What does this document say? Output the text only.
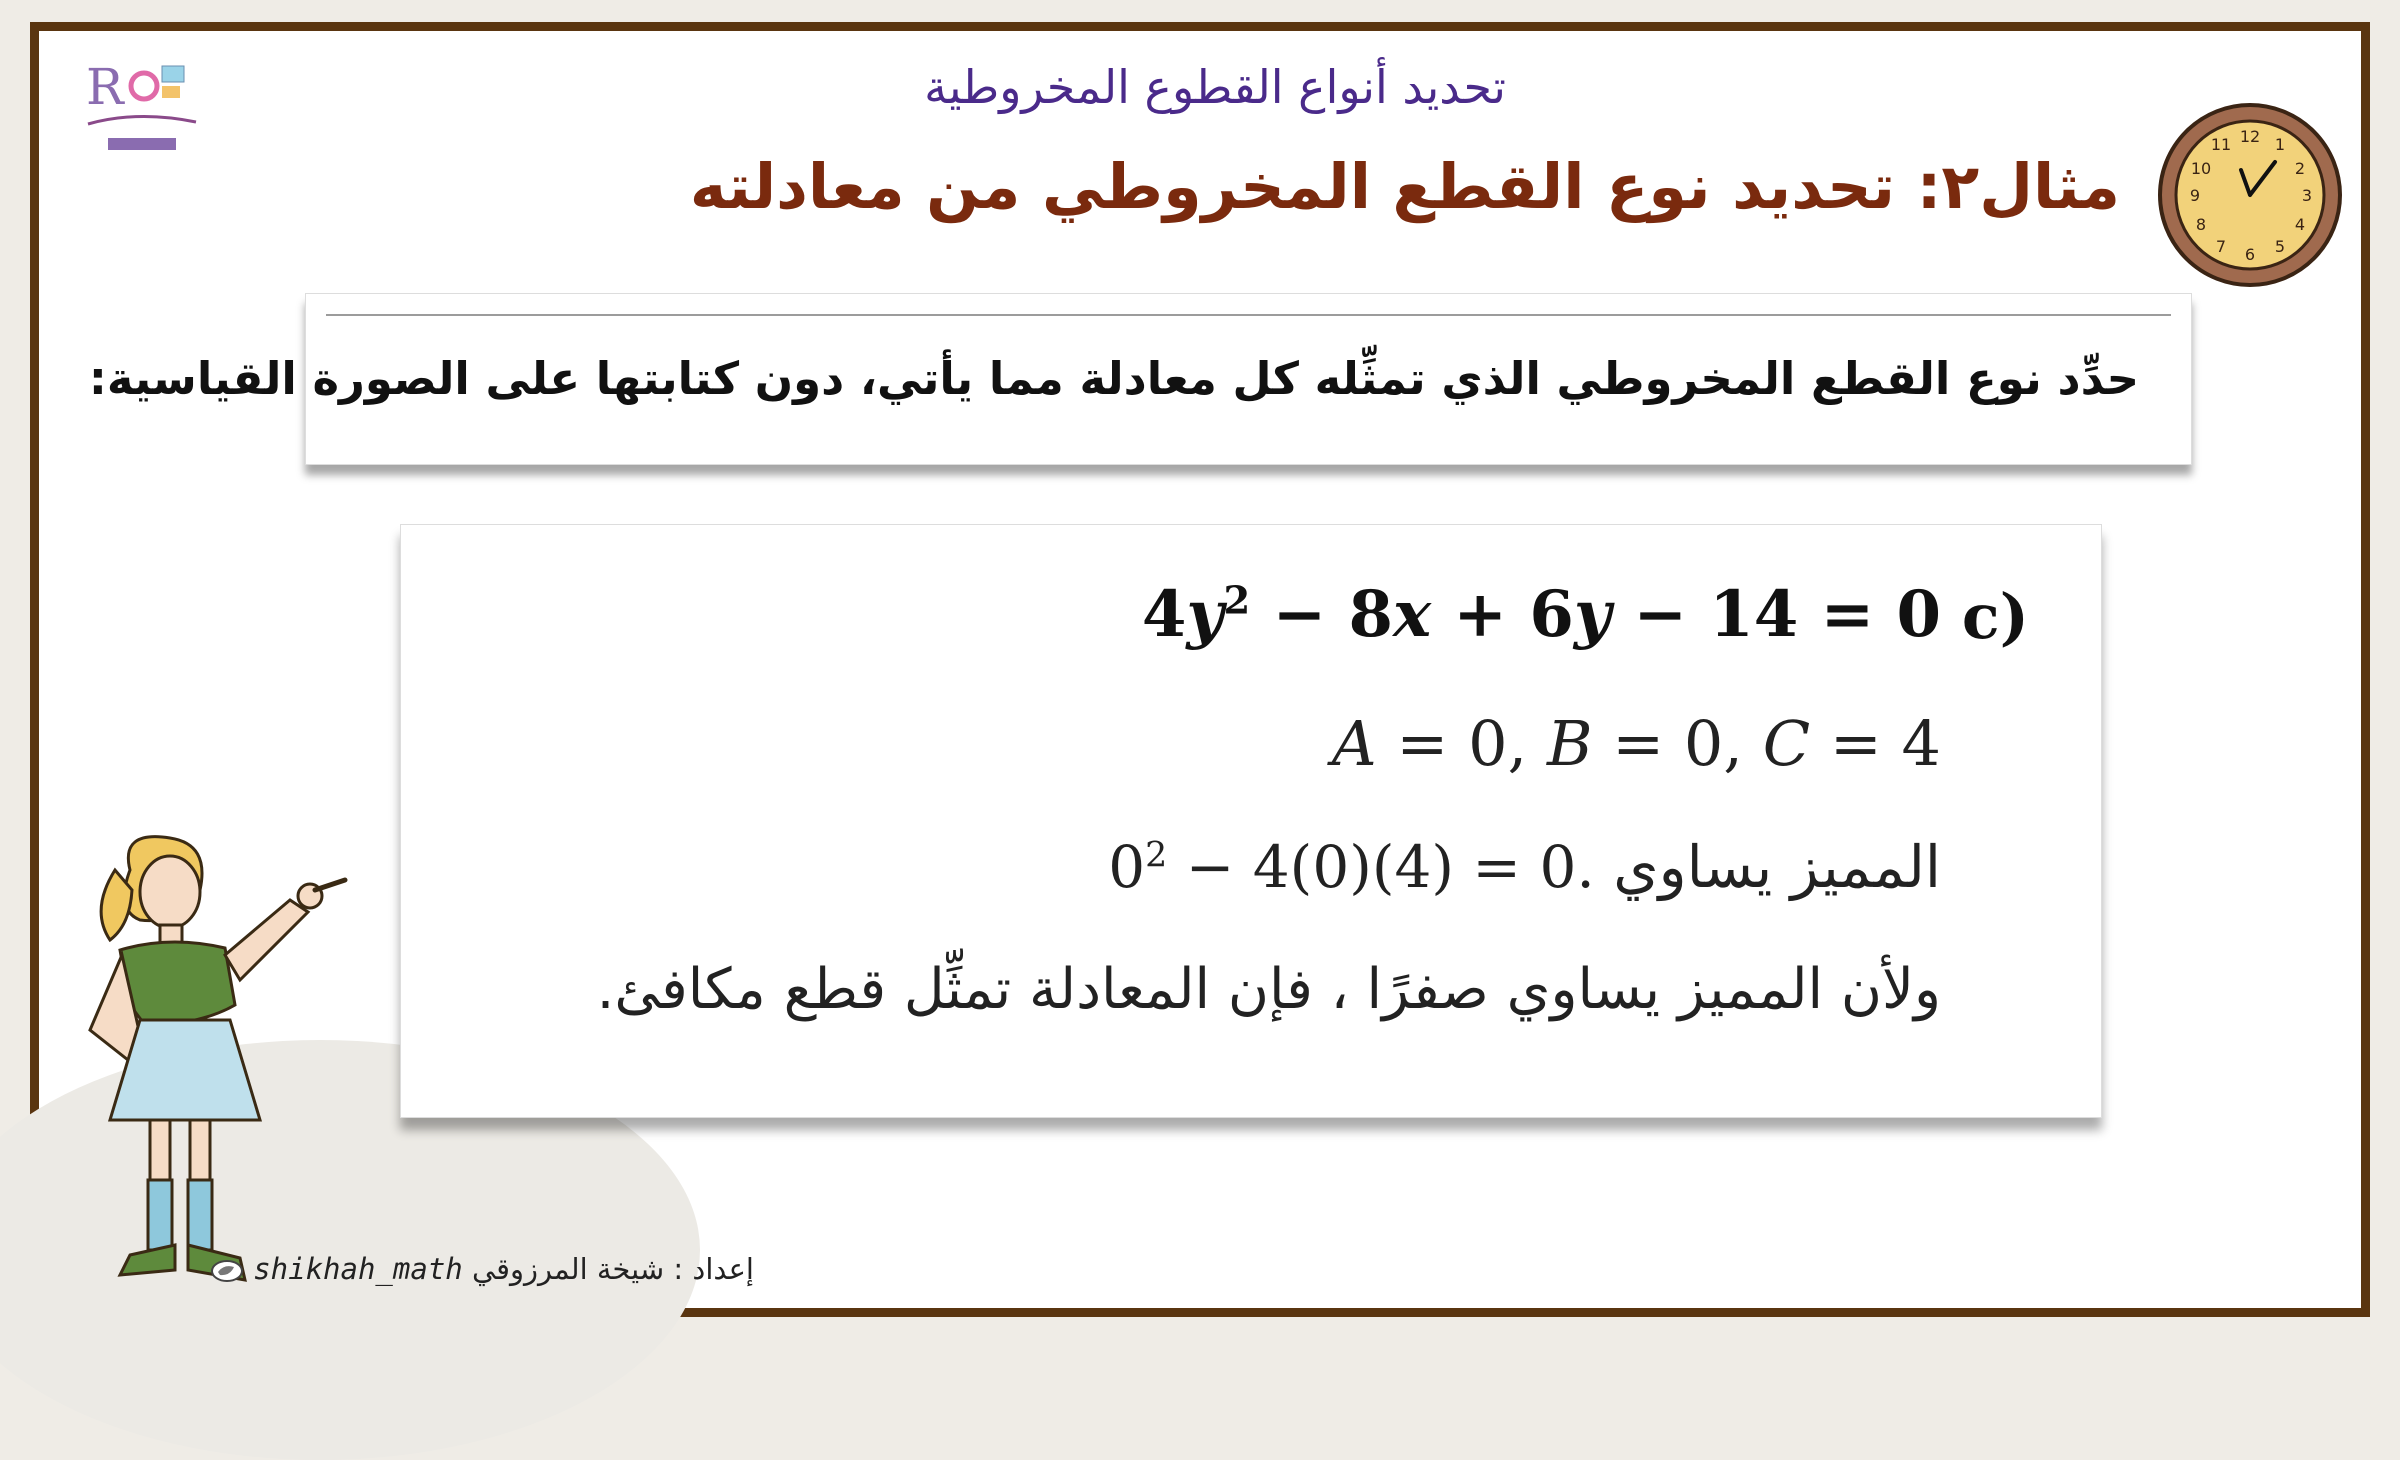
R	تحديد أنواع القطوع المخروطية
مثال٢: تحديد نوع القطع المخروطي من معادلته
12 1
2
3
4
5
6
7
8
9
10
11
حدِّد نوع القطع المخروطي الذي تمثِّله كل معادلة مما يأتي، دون كتابتها على الصورة القياسية:
c)
$4y^2 - 8x + 6y - 14 = 0$
A = 0, B = 0, C = 4
المميز يساوي $0^2 - 4(0)(4) = 0$.
ولأن المميز يساوي صفرًا ، فإن المعادلة تمثِّل قطع مكافئ.
shikhah_math إعداد : شيخة المرزوقي
